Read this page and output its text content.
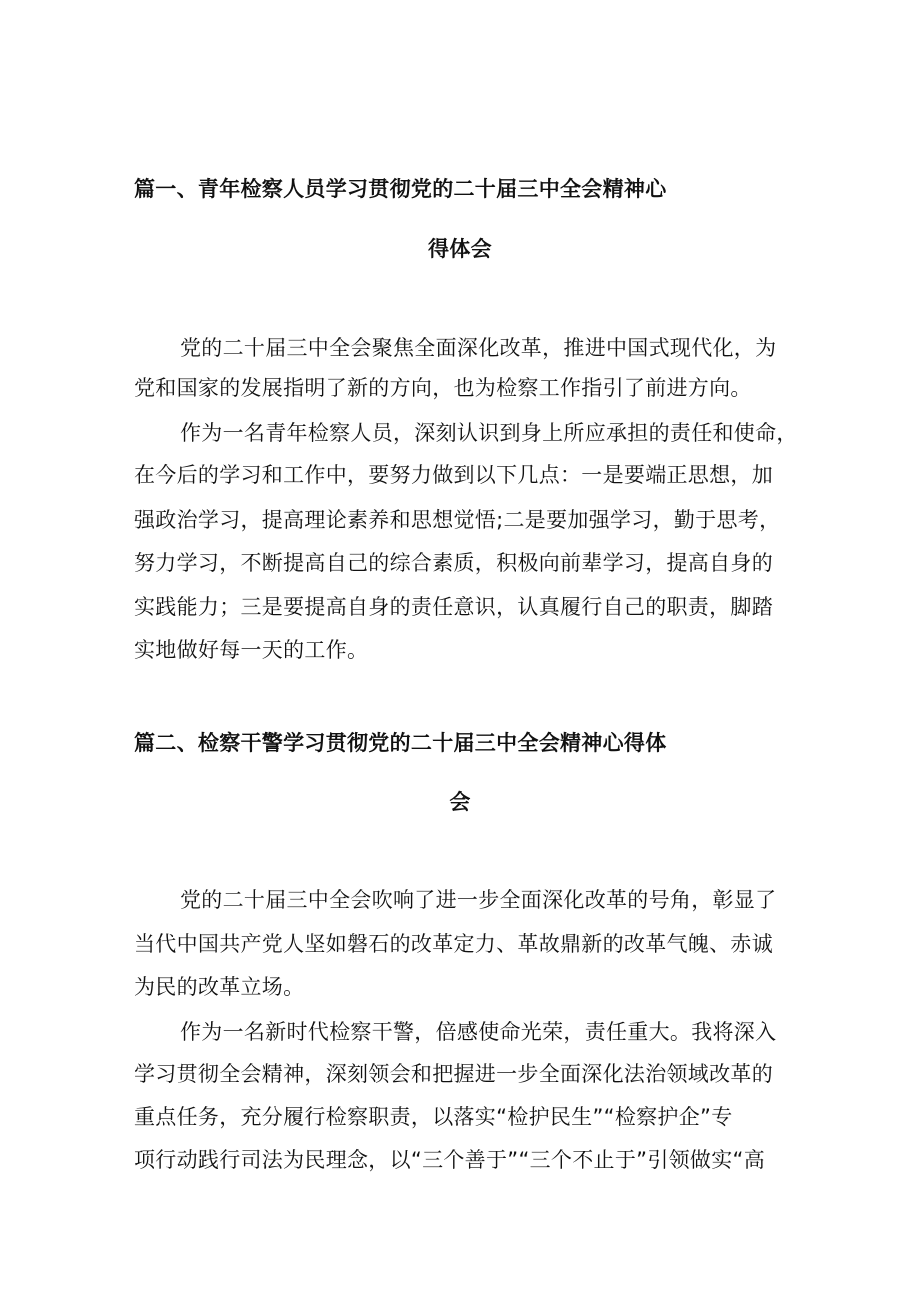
篇一、青年检察人员学习贯彻党的二十届三中全会精神心
得体会
党的二十届三中全会聚焦全面深化改革，推进中国式现代化，为
党和国家的发展指明了新的方向，也为检察工作指引了前进方向。
作为一名青年检察人员，深刻认识到身上所应承担的责任和使命，
在今后的学习和工作中，要努力做到以下几点：一是要端正思想，加
强政治学习，提高理论素养和思想觉悟;二是要加强学习，勤于思考，
努力学习，不断提高自己的综合素质，积极向前辈学习，提高自身的
实践能力；三是要提高自身的责任意识，认真履行自己的职责，脚踏
实地做好每一天的工作。
篇二、检察干警学习贯彻党的二十届三中全会精神心得体
会
党的二十届三中全会吹响了进一步全面深化改革的号角，彰显了
当代中国共产党人坚如磐石的改革定力、革故鼎新的改革气魄、赤诚
为民的改革立场。
作为一名新时代检察干警，倍感使命光荣，责任重大。我将深入
学习贯彻全会精神，深刻领会和把握进一步全面深化法治领域改革的
重点任务，充分履行检察职责，以落实“检护民生”“检察护企”专
项行动践行司法为民理念，以“三个善于”“三个不止于”引领做实“高
